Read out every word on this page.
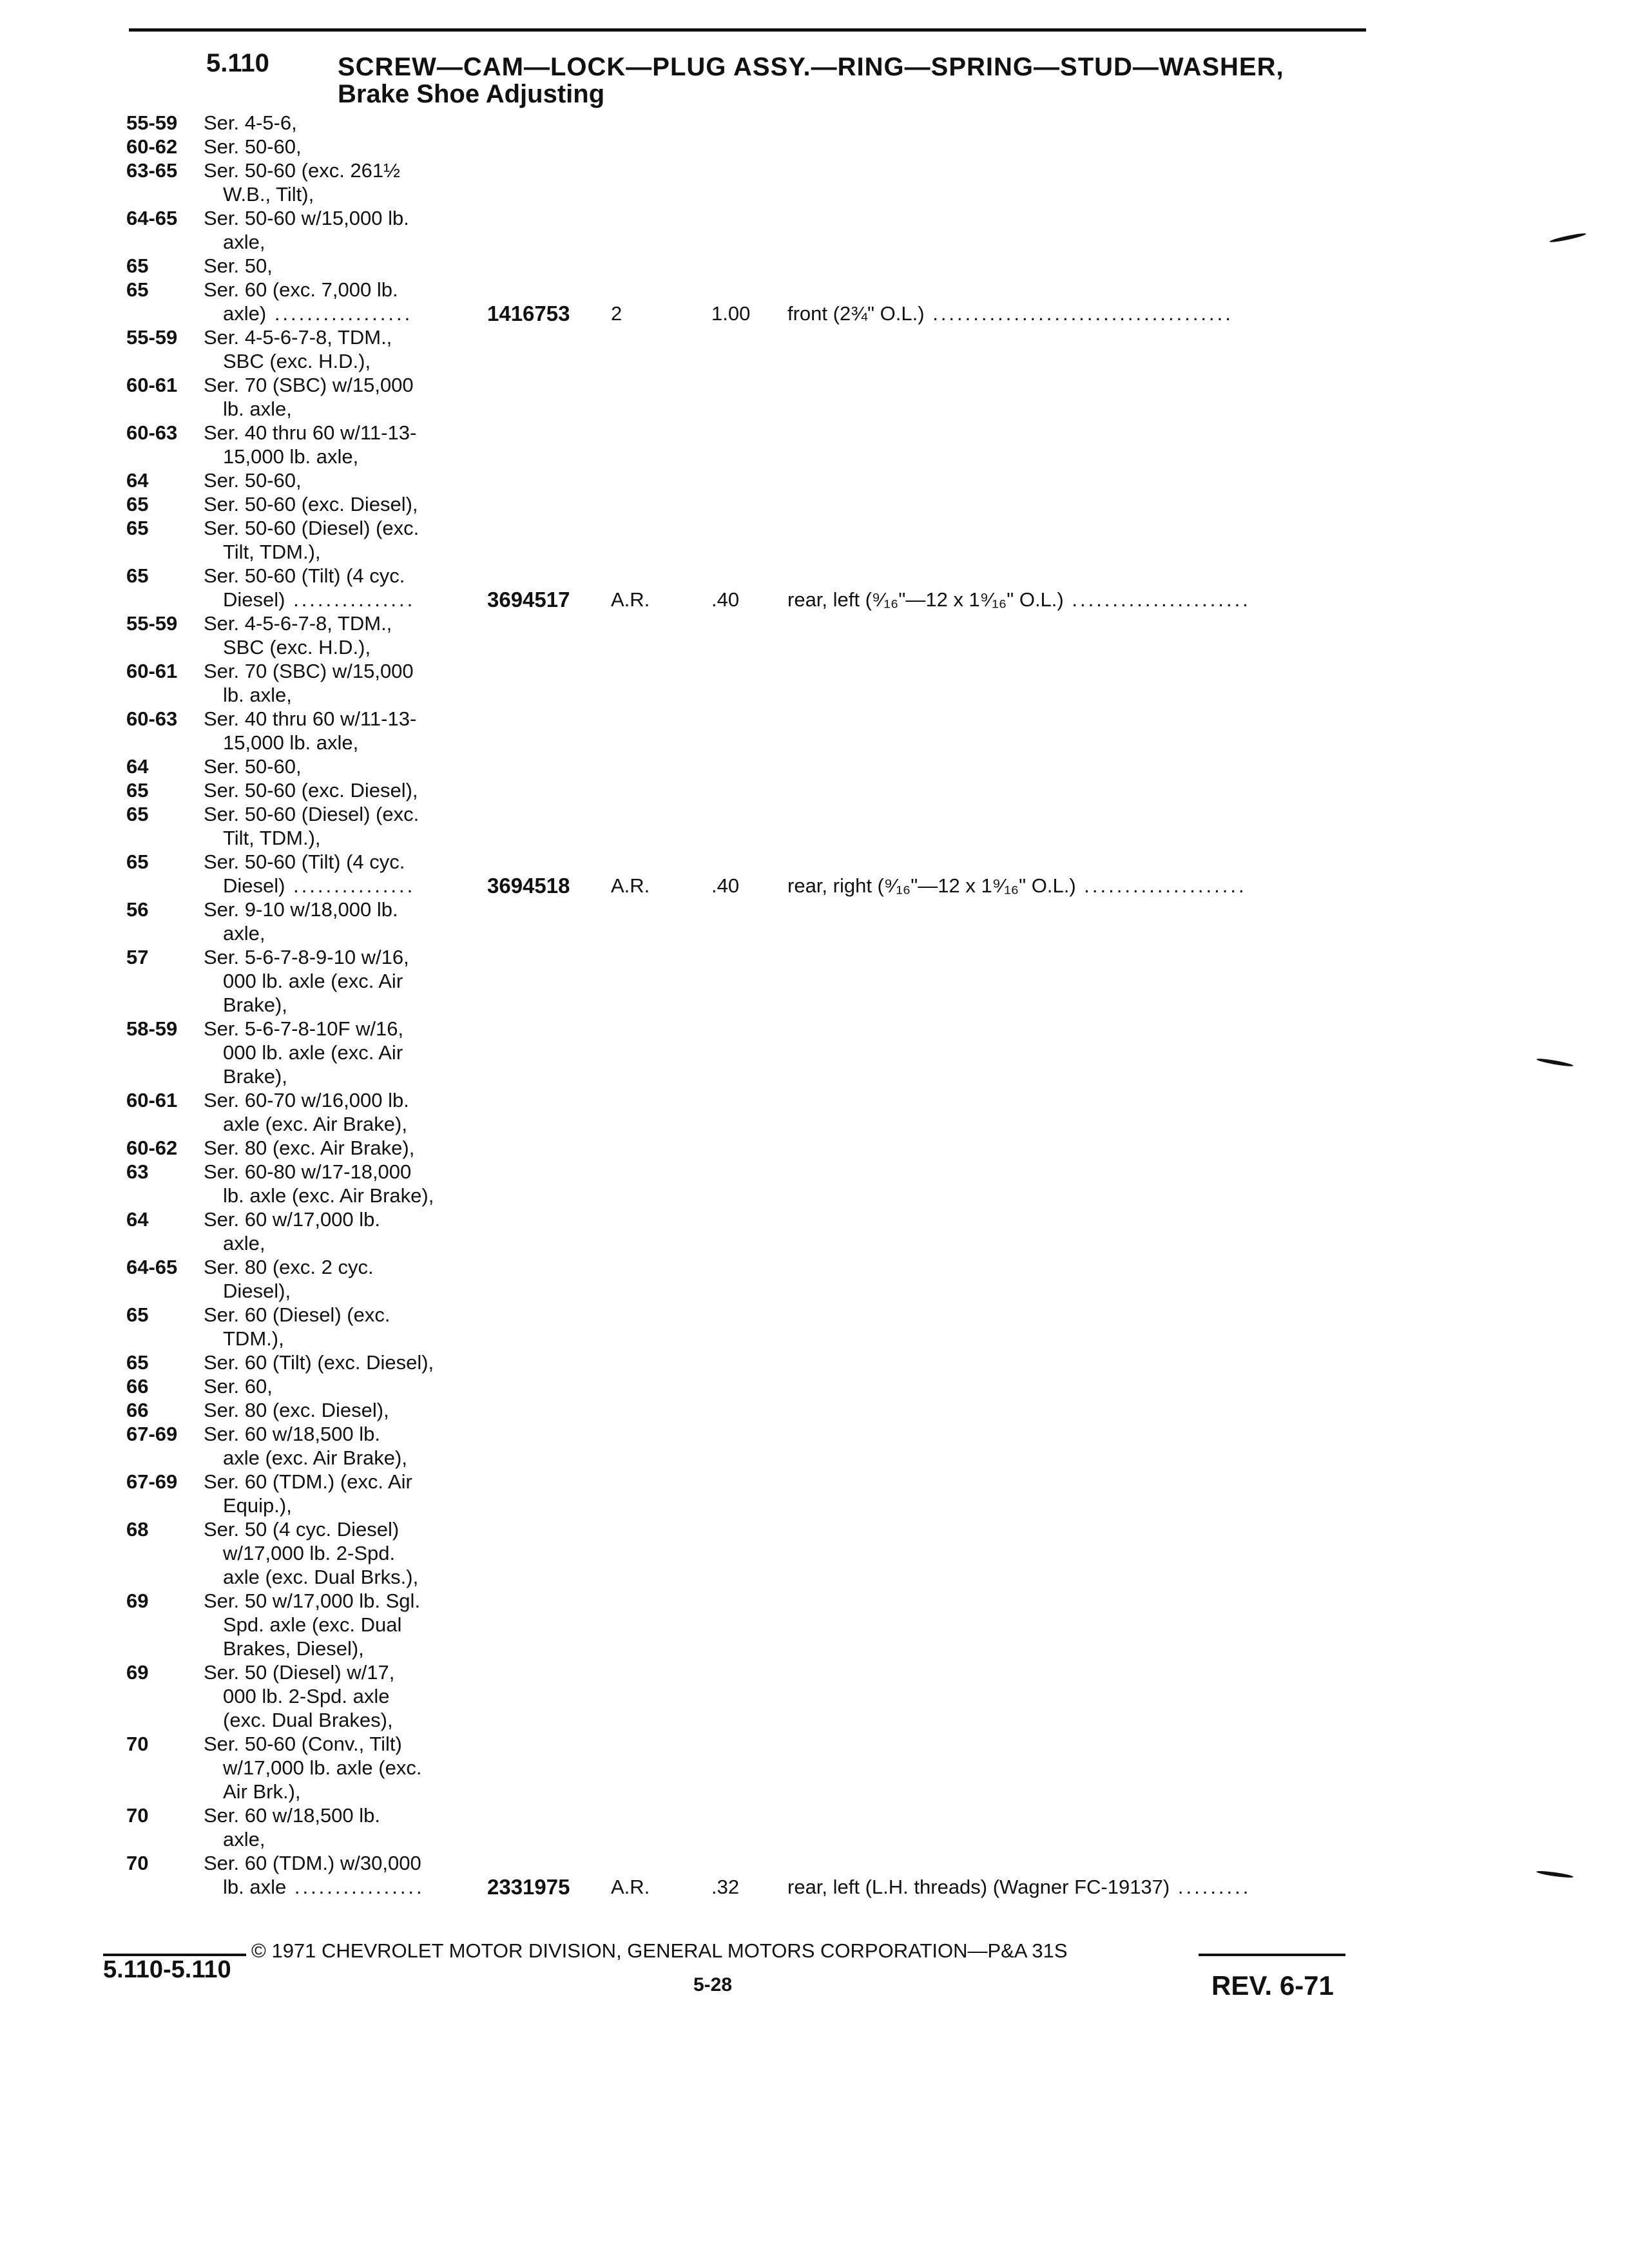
5.110	SCREW—CAM—LOCK—PLUG ASSY.—RING—SPRING—STUD—WASHER,
Brake Shoe Adjusting
55-59	Ser. 4-5-6,
60-62	Ser. 50-60,
63-65	Ser. 50-60 (exc. 261½
W.B., Tilt),
64-65	Ser. 50-60 w/15,000 lb.
axle,
65	Ser. 50,
65	Ser. 60 (exc. 7,000 lb.
axle) .................	1416753 2	1.00 front (2¾" O.L.) .....................................
55-59	Ser. 4-5-6-7-8, TDM.,
SBC (exc. H.D.),
60-61	Ser. 70 (SBC) w/15,000
lb. axle,
60-63	Ser. 40 thru 60 w/11-13-
15,000 lb. axle,
64	Ser. 50-60,
65	Ser. 50-60 (exc. Diesel),
65	Ser. 50-60 (Diesel) (exc.
Tilt, TDM.),
65	Ser. 50-60 (Tilt) (4 cyc.
Diesel) ...............	3694517 A.R.	.40 rear, left (⁹⁄₁₆"—12 x 1⁹⁄₁₆" O.L.) ......................
55-59	Ser. 4-5-6-7-8, TDM.,
SBC (exc. H.D.),
60-61	Ser. 70 (SBC) w/15,000
lb. axle,
60-63	Ser. 40 thru 60 w/11-13-
15,000 lb. axle,
64	Ser. 50-60,
65	Ser. 50-60 (exc. Diesel),
65	Ser. 50-60 (Diesel) (exc.
Tilt, TDM.),
65	Ser. 50-60 (Tilt) (4 cyc.
Diesel) ...............	3694518 A.R.	.40 rear, right (⁹⁄₁₆"—12 x 1⁹⁄₁₆" O.L.) ....................
56	Ser. 9-10 w/18,000 lb.
axle,
57	Ser. 5-6-7-8-9-10 w/16,
000 lb. axle (exc. Air
Brake),
58-59	Ser. 5-6-7-8-10F w/16,
000 lb. axle (exc. Air
Brake),
60-61	Ser. 60-70 w/16,000 lb.
axle (exc. Air Brake),
60-62	Ser. 80 (exc. Air Brake),
63	Ser. 60-80 w/17-18,000
lb. axle (exc. Air Brake),
64	Ser. 60 w/17,000 lb.
axle,
64-65	Ser. 80 (exc. 2 cyc.
Diesel),
65	Ser. 60 (Diesel) (exc.
TDM.),
65	Ser. 60 (Tilt) (exc. Diesel),
66	Ser. 60,
66	Ser. 80 (exc. Diesel),
67-69	Ser. 60 w/18,500 lb.
axle (exc. Air Brake),
67-69	Ser. 60 (TDM.) (exc. Air
Equip.),
68	Ser. 50 (4 cyc. Diesel)
w/17,000 lb. 2-Spd.
axle (exc. Dual Brks.),
69	Ser. 50 w/17,000 lb. Sgl.
Spd. axle (exc. Dual
Brakes, Diesel),
69	Ser. 50 (Diesel) w/17,
000 lb. 2-Spd. axle
(exc. Dual Brakes),
70	Ser. 50-60 (Conv., Tilt)
w/17,000 lb. axle (exc.
Air Brk.),
70	Ser. 60 w/18,500 lb.
axle,
70	Ser. 60 (TDM.) w/30,000
lb. axle ................	2331975 A.R.	.32 rear, left (L.H. threads) (Wagner FC-19137) .........
© 1971 CHEVROLET MOTOR DIVISION, GENERAL MOTORS CORPORATION—P&A 31S
5.110-5.110
5-28	REV. 6-71
